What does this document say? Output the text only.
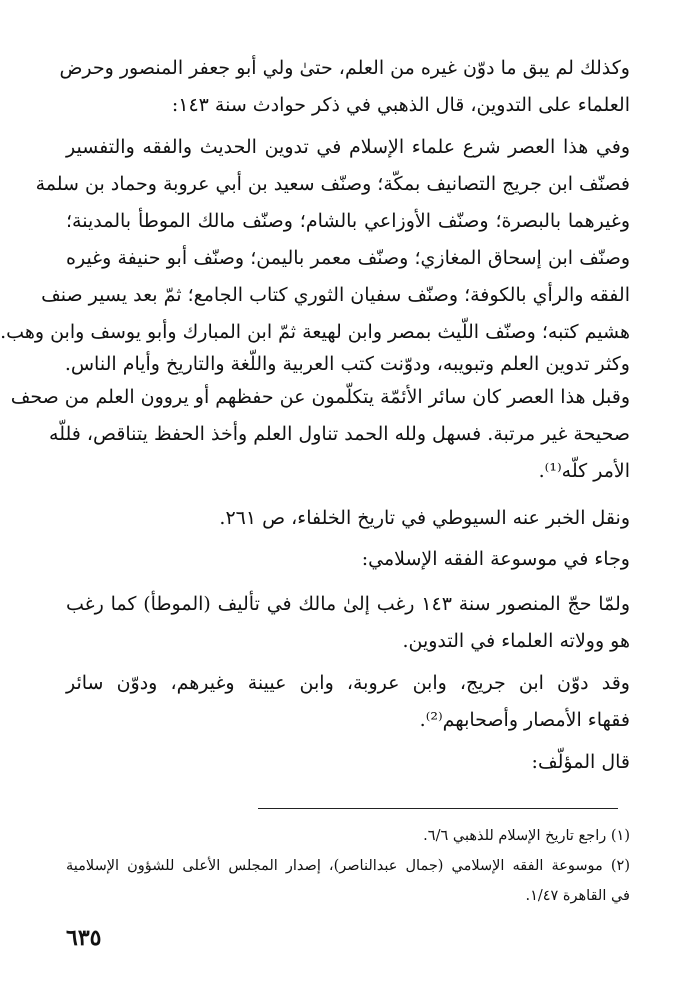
وكذلك لم يبق ما دوّن غيره من العلم، حتىٰ ولي أبو جعفر المنصور وحرض
العلماء على التدوين، قال الذهبي في ذكر حوادث سنة ١٤٣:
وفي هذا العصر شرع علماء الإسلام في تدوين الحديث والفقه والتفسير
فصنّف ابن جريج التصانيف بمكّة؛ وصنّف سعيد بن أبي عروبة وحماد بن سلمة
وغيرهما بالبصرة؛ وصنّف الأوزاعي بالشام؛ وصنّف مالك الموطأ بالمدينة؛
وصنّف ابن إسحاق المغازي؛ وصنّف معمر باليمن؛ وصنّف أبو حنيفة وغيره
الفقه والرأي بالكوفة؛ وصنّف سفيان الثوري كتاب الجامع؛ ثمّ بعد يسير صنف
هشيم كتبه؛ وصنّف اللّيث بمصر وابن لهيعة ثمّ ابن المبارك وأبو يوسف وابن وهب.
وكثر تدوين العلم وتبويبه، ودوّنت كتب العربية واللّغة والتاريخ وأيام الناس.
وقبل هذا العصر كان سائر الأئمّة يتكلّمون عن حفظهم أو يروون العلم من صحف
صحيحة غير مرتبة. فسهل ولله الحمد تناول العلم وأخذ الحفظ يتناقص، فللّه
الأمر كلّه⁽¹⁾.
ونقل الخبر عنه السيوطي في تاريخ الخلفاء، ص ٢٦١.
وجاء في موسوعة الفقه الإسلامي:
ولمّا حجّ المنصور سنة ١٤٣ رغب إلىٰ مالك في تأليف (الموطأ) كما رغب
هو وولاته العلماء في التدوين.
وقد دوّن ابن جريج، وابن عروبة، وابن عيينة وغيرهم، ودوّن سائر
فقهاء الأمصار وأصحابهم⁽²⁾.
قال المؤلّف:
(١) راجع تاريخ الإسلام للذهبي ٦/٦.
(٢) موسوعة الفقه الإسلامي (جمال عبدالناصر)، إصدار المجلس الأعلى للشؤون الإسلامية
في القاهرة ١/٤٧.
٦٣٥
